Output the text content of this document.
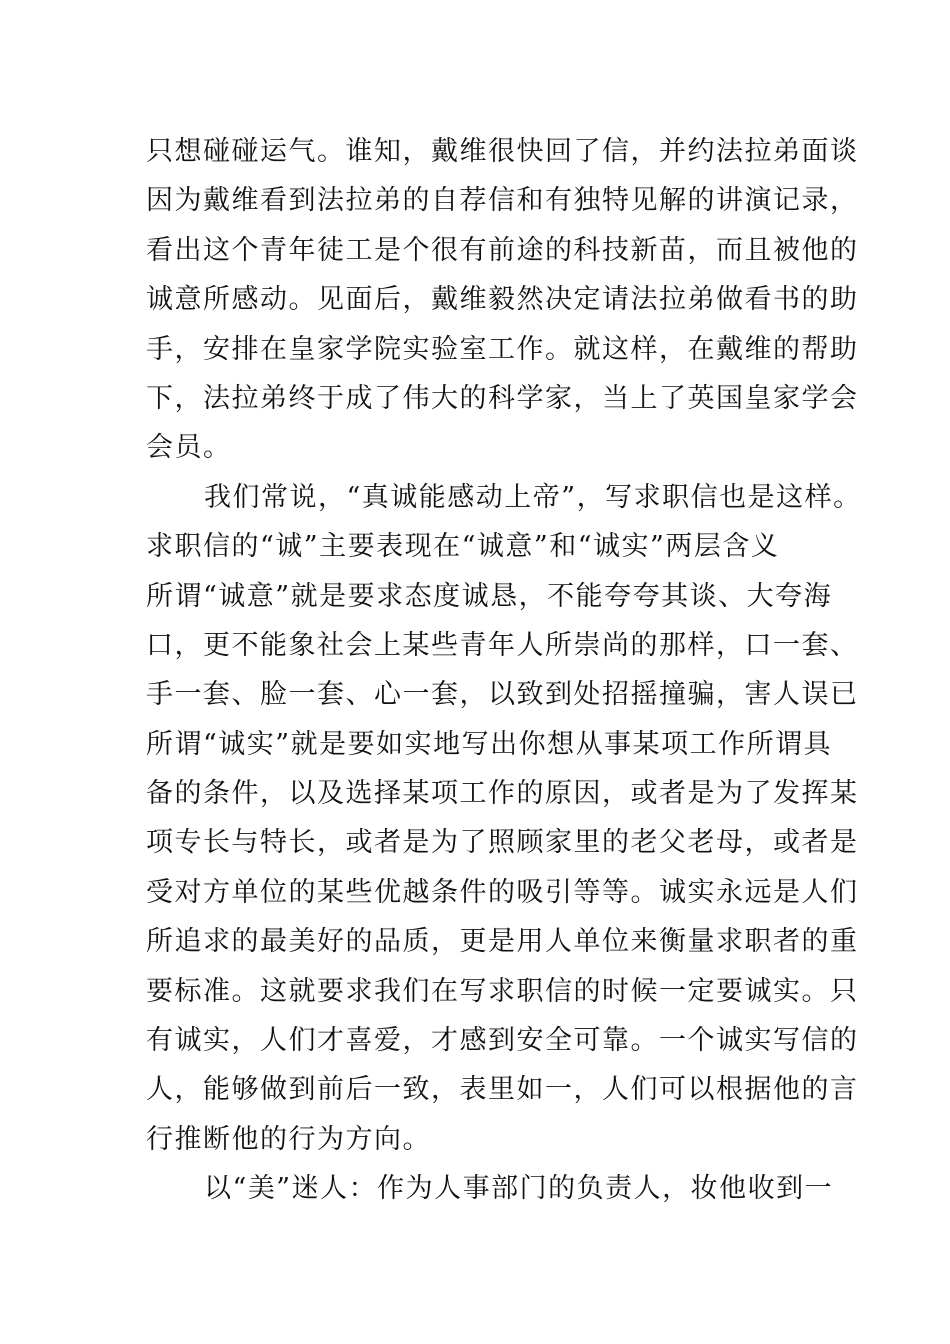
只想碰碰运气。谁知，戴维很快回了信，并约法拉弟面谈
因为戴维看到法拉弟的自荐信和有独特见解的讲演记录，
看出这个青年徒工是个很有前途的科技新苗，而且被他的
诚意所感动。见面后，戴维毅然决定请法拉弟做看书的助
手，安排在皇家学院实验室工作。就这样，在戴维的帮助
下，法拉弟终于成了伟大的科学家，当上了英国皇家学会
会员。
我们常说，“真诚能感动上帝”，写求职信也是这样。
求职信的“诚”主要表现在“诚意”和“诚实”两层含义
所谓“诚意”就是要求态度诚恳，不能夸夸其谈、大夸海
口，更不能象社会上某些青年人所崇尚的那样，口一套、
手一套、脸一套、心一套，以致到处招摇撞骗，害人误已
所谓“诚实”就是要如实地写出你想从事某项工作所谓具
备的条件，以及选择某项工作的原因，或者是为了发挥某
项专长与特长，或者是为了照顾家里的老父老母，或者是
受对方单位的某些优越条件的吸引等等。诚实永远是人们
所追求的最美好的品质，更是用人单位来衡量求职者的重
要标准。这就要求我们在写求职信的时候一定要诚实。只
有诚实，人们才喜爱，才感到安全可靠。一个诚实写信的
人，能够做到前后一致，表里如一，人们可以根据他的言
行推断他的行为方向。
以“美”迷人：作为人事部门的负责人，妆他收到一
